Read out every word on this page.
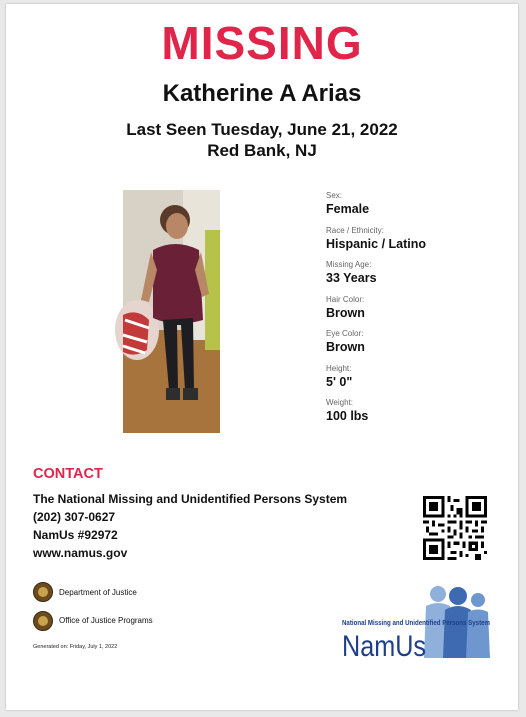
MISSING
Katherine A Arias
Last Seen Tuesday, June 21, 2022
Red Bank, NJ
Sex:
Female
Race / Ethnicity:
Hispanic / Latino
Missing Age:
33 Years
Hair Color:
Brown
Eye Color:
Brown
Height:
5' 0"
Weight:
100 lbs
CONTACT
The National Missing and Unidentified Persons System
(202) 307-0627
NamUs #92972
www.namus.gov
Department of Justice
Office of Justice Programs
Generated on: Friday, July 1, 2022
National Missing and Unidentified Persons System
NamUs
